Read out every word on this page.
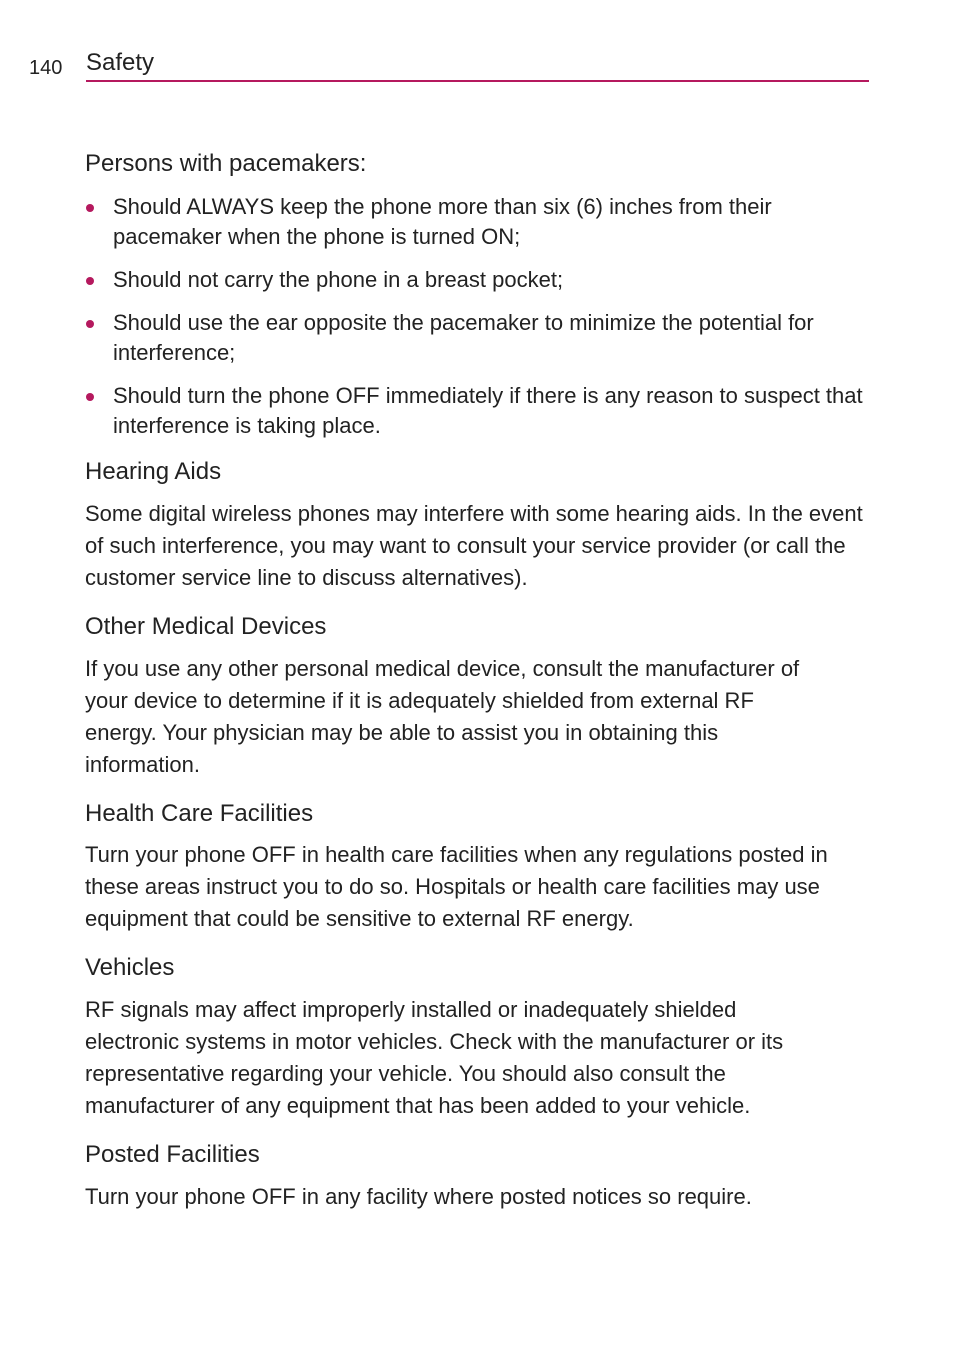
140 Safety
Persons with pacemakers:
Should ALWAYS keep the phone more than six (6) inches from their pacemaker when the phone is turned ON;
Should not carry the phone in a breast pocket;
Should use the ear opposite the pacemaker to minimize the potential for interference;
Should turn the phone OFF immediately if there is any reason to suspect that interference is taking place.
Hearing Aids

Some digital wireless phones may interfere with some hearing aids. In the event of such interference, you may want to consult your service provider (or call the customer service line to discuss alternatives).

Other Medical Devices

If you use any other personal medical device, consult the manufacturer of your device to determine if it is adequately shielded from external RF energy. Your physician may be able to assist you in obtaining this information.

Health Care Facilities

Turn your phone OFF in health care facilities when any regulations posted in these areas instruct you to do so. Hospitals or health care facilities may use equipment that could be sensitive to external RF energy.

Vehicles

RF signals may affect improperly installed or inadequately shielded electronic systems in motor vehicles. Check with the manufacturer or its representative regarding your vehicle. You should also consult the manufacturer of any equipment that has been added to your vehicle.

Posted Facilities

Turn your phone OFF in any facility where posted notices so require.
